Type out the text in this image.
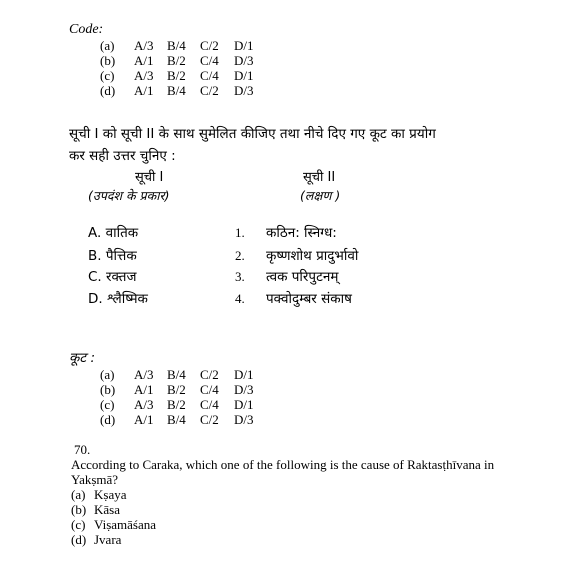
Code:
(a) A/3 B/4 C/2 D/1
(b) A/1 B/2 C/4 D/3
(c) A/3 B/2 C/4 D/1
(d) A/1 B/4 C/2 D/3
सूची I को सूची II के साथ सुमेलित कीजिए तथा नीचे दिए गए कूट का प्रयोग
कर सही उत्तर चुनिए :
सूची I	सूची II
(उपदंश के प्रकार)	(लक्षण )
A. वातिक	1. कठिन: स्निग्ध:
B. पैत्तिक	2. कृष्णशोथ प्रादुर्भावो
C. रक्तज	3. त्वक परिपुटनम्
D. श्लैष्मिक	4. पक्वोदुम्बर संकाष
कूट :
(a) A/3 B/4 C/2 D/1
(b) A/1 B/2 C/4 D/3
(c) A/3 B/2 C/4 D/1
(d) A/1 B/4 C/2 D/3
70.
According to Caraka, which one of the following is the cause of Raktasṭhīvana in
Yakṣmā?
(a) Kṣaya
(b) Kāsa
(c) Viṣamāśana
(d) Jvara
